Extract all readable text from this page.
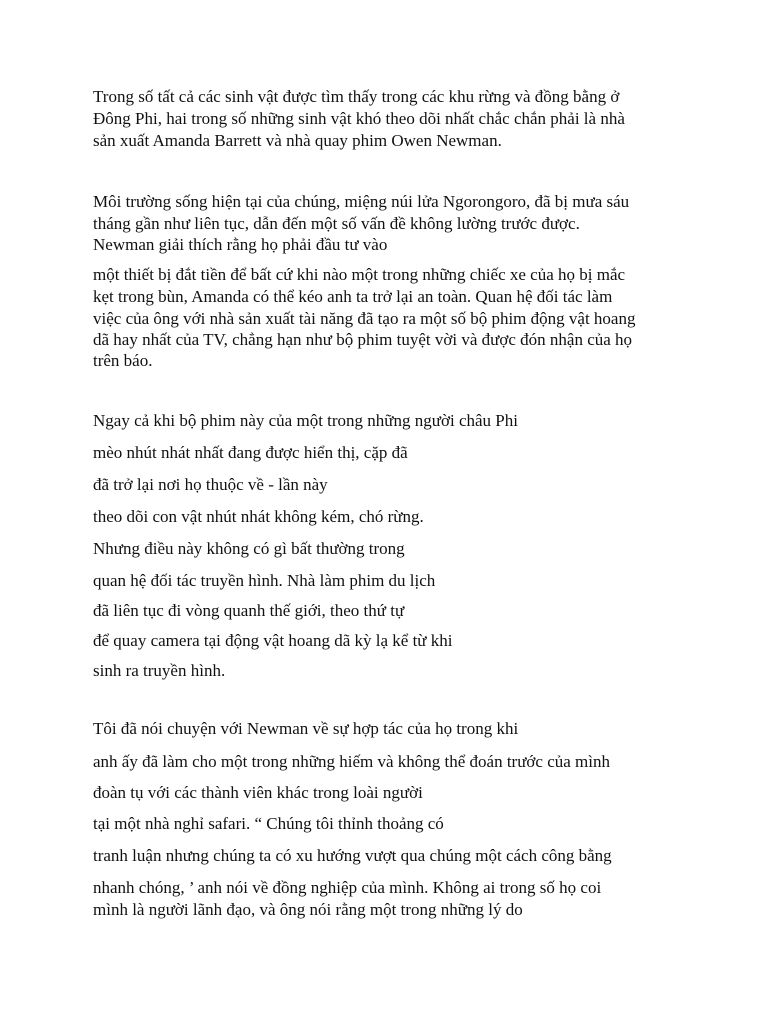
Trong số tất cả các sinh vật được tìm thấy trong các khu rừng và đồng bằng ở
Đông Phi, hai trong số những sinh vật khó theo dõi nhất chắc chắn phải là nhà
sản xuất Amanda Barrett và nhà quay phim Owen Newman.
Môi trường sống hiện tại của chúng, miệng núi lửa Ngorongoro, đã bị mưa sáu
tháng gần như liên tục, dẫn đến một số vấn đề không lường trước được.
Newman giải thích rằng họ phải đầu tư vào
một thiết bị đắt tiền để bất cứ khi nào một trong những chiếc xe của họ bị mắc
kẹt trong bùn, Amanda có thể kéo anh ta trở lại an toàn. Quan hệ đối tác làm
việc của ông với nhà sản xuất tài năng đã tạo ra một số bộ phim động vật hoang
dã hay nhất của TV, chẳng hạn như bộ phim tuyệt vời và được đón nhận của họ
trên báo.
Ngay cả khi bộ phim này của một trong những người châu Phi
mèo nhút nhát nhất đang được hiển thị, cặp đã
đã trở lại nơi họ thuộc về - lần này
theo dõi con vật nhút nhát không kém, chó rừng.
Nhưng điều này không có gì bất thường trong
quan hệ đối tác truyền hình. Nhà làm phim du lịch
đã liên tục đi vòng quanh thế giới, theo thứ tự
để quay camera tại động vật hoang dã kỳ lạ kể từ khi
sinh ra truyền hình.
Tôi đã nói chuyện với Newman về sự hợp tác của họ trong khi
anh ấy đã làm cho một trong những hiếm và không thể đoán trước của mình
đoàn tụ với các thành viên khác trong loài người
tại một nhà nghỉ safari. “ Chúng tôi thỉnh thoảng có
tranh luận nhưng chúng ta có xu hướng vượt qua chúng một cách công bằng
nhanh chóng, ’ anh nói về đồng nghiệp của mình. Không ai trong số họ coi
mình là người lãnh đạo, và ông nói rằng một trong những lý do
